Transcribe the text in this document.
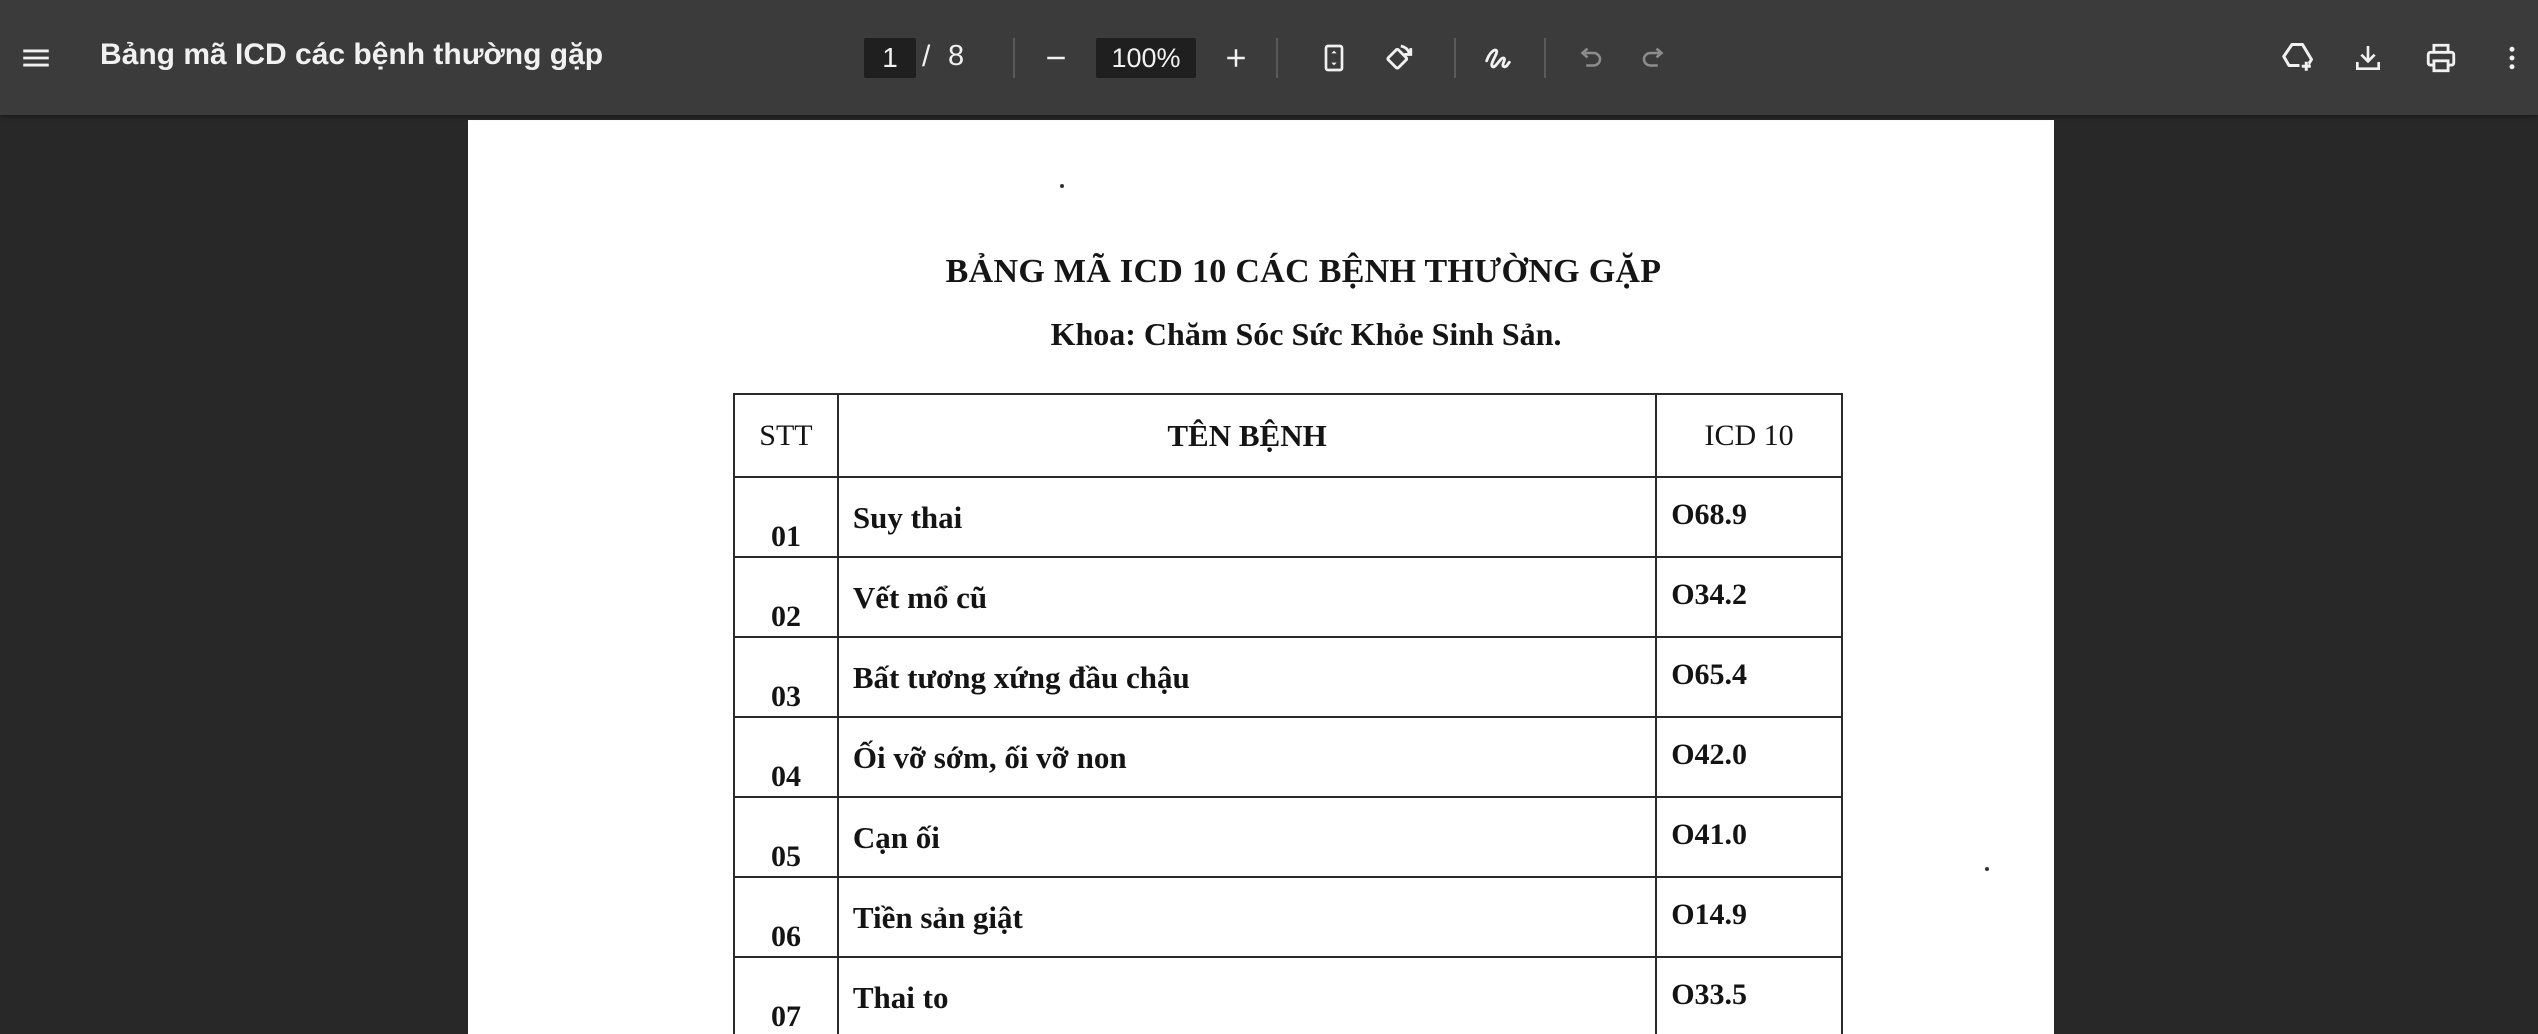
Bảng mã ICD các bệnh thường gặp
1	/ 8
100%
BẢNG MÃ ICD 10 CÁC BỆNH THƯỜNG GẶP
Khoa: Chăm Sóc Sức Khỏe Sinh Sản.
STT	TÊN BỆNH	ICD 10
01	Suy thai	O68.9
02	Vết mổ cũ	O34.2
03	Bất tương xứng đầu chậu	O65.4
04	Ối vỡ sớm, ối vỡ non	O42.0
05	Cạn ối	O41.0
06	Tiền sản giật	O14.9
07	Thai to	O33.5
